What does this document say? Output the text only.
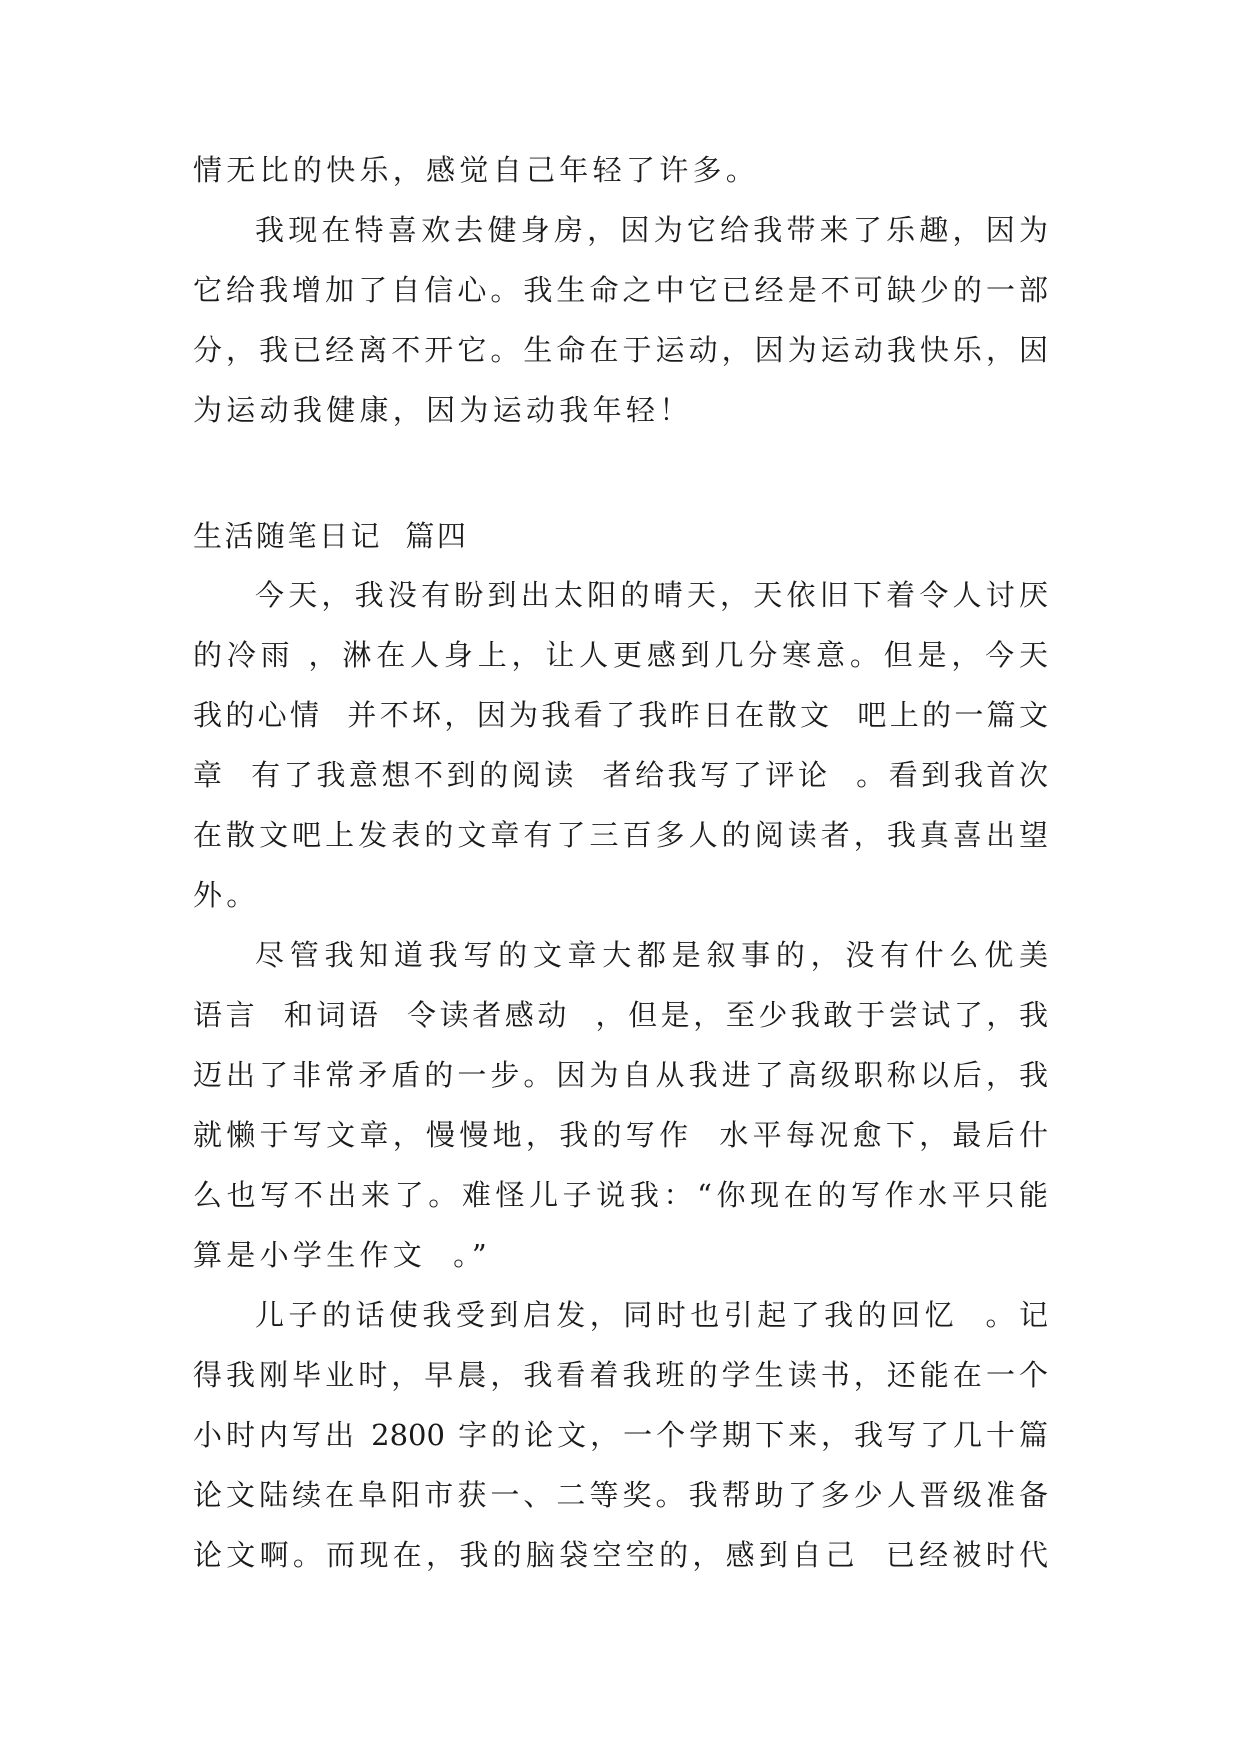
情无比的快乐，感觉自己年轻了许多。
我现在特喜欢去健身房，因为它给我带来了乐趣，因为
它给我增加了自信心。我生命之中它已经是不可缺少的一部
分，我已经离不开它。生命在于运动，因为运动我快乐，因
为运动我健康，因为运动我年轻！
生活随笔日记  篇四
今天，我没有盼到出太阳的晴天，天依旧下着令人讨厌
的冷雨 ，淋在人身上，让人更感到几分寒意。但是，今天
我的心情  并不坏，因为我看了我昨日在散文  吧上的一篇文
章  有了我意想不到的阅读  者给我写了评论  。看到我首次
在散文吧上发表的文章有了三百多人的阅读者，我真喜出望
外。
尽管我知道我写的文章大都是叙事的，没有什么优美
语言  和词语  令读者感动  ，但是，至少我敢于尝试了，我
迈出了非常矛盾的一步。因为自从我进了高级职称以后，我
就懒于写文章，慢慢地，我的写作  水平每况愈下，最后什
么也写不出来了。难怪儿子说我：“你现在的写作水平只能
算是小学生作文  。”
儿子的话使我受到启发，同时也引起了我的回忆  。记
得我刚毕业时，早晨，我看着我班的学生读书，还能在一个
小时内写出 2800 字的论文，一个学期下来，我写了几十篇
论文陆续在阜阳市获一、二等奖。我帮助了多少人晋级准备
论文啊。而现在，我的脑袋空空的，感到自己  已经被时代
